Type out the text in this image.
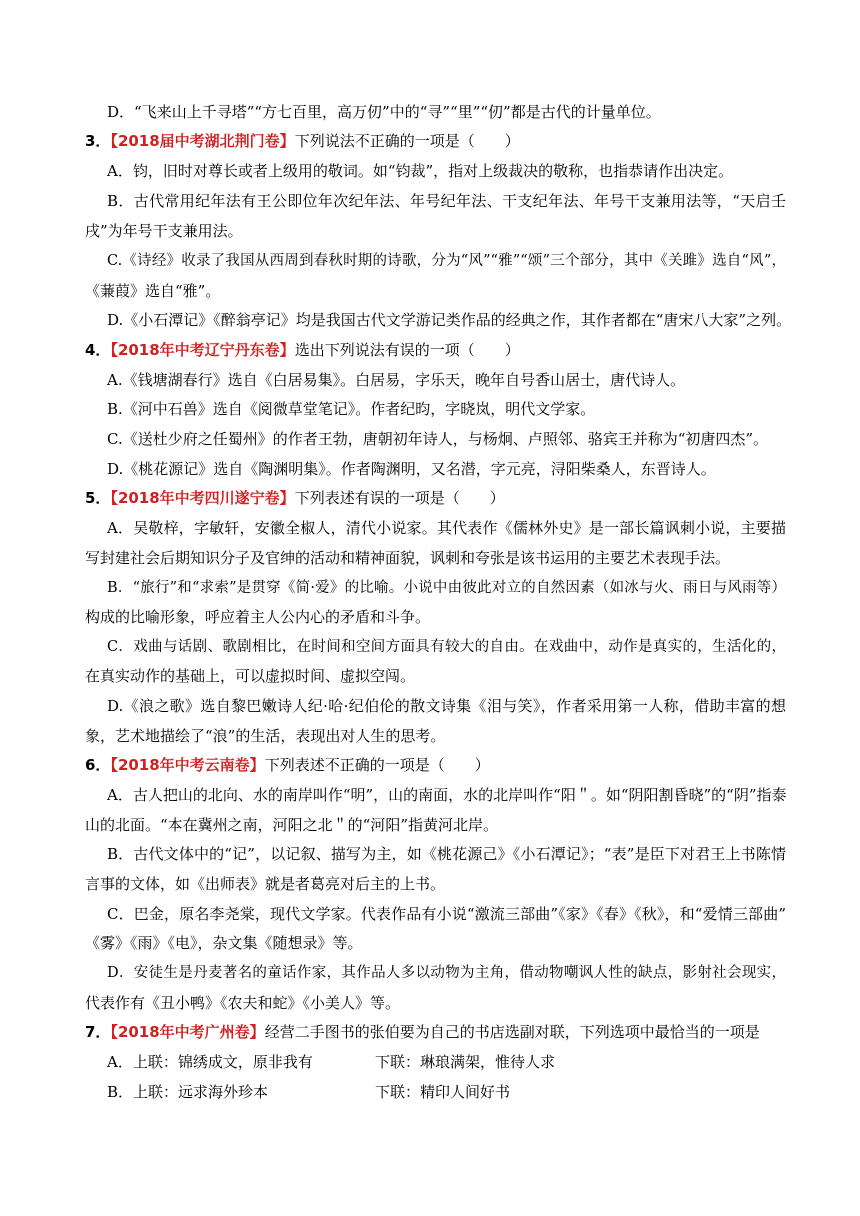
D．“飞来山上千寻塔”“方七百里，高万仞”中的“寻”“里”“仞”都是古代的计量单位。
3．【2018届中考湖北荆门卷】下列说法不正确的一项是（　　）
A．钧，旧时对尊长或者上级用的敬词。如“钧裁”，指对上级裁决的敬称，也指恭请作出决定。
B．古代常用纪年法有王公即位年次纪年法、年号纪年法、干支纪年法、年号干支兼用法等，“天启壬
戌”为年号干支兼用法。
C.《诗经》收录了我国从西周到春秋时期的诗歌，分为“风”“雅”“颂”三个部分，其中《关雎》选自“风”，
《蒹葭》选自“雅”。
D.《小石潭记》《醉翁亭记》均是我国古代文学游记类作品的经典之作，其作者都在“唐宋八大家”之列。
4．【2018年中考辽宁丹东卷】选出下列说法有误的一项（　　）
A.《钱塘湖春行》选自《白居易集》。白居易，字乐天，晚年自号香山居士，唐代诗人。
B.《河中石兽》选自《阅微草堂笔记》。作者纪昀，字晓岚，明代文学家。
C.《送杜少府之任蜀州》的作者王勃，唐朝初年诗人，与杨炯、卢照邻、骆宾王并称为“初唐四杰”。
D.《桃花源记》选自《陶渊明集》。作者陶渊明，又名潜，字元亮，浔阳柴桑人，东晋诗人。
5．【2018年中考四川遂宁卷】下列表述有误的一项是（　　）
A．吴敬梓，字敏轩，安徽全椒人，清代小说家。其代表作《儒林外史》是一部长篇讽刺小说，主要描
写封建社会后期知识分子及官绅的活动和精神面貌，讽刺和夸张是该书运用的主要艺术表现手法。
B．“旅行”和“求索”是贯穿《简·爱》的比喻。小说中由彼此对立的自然因素（如冰与火、雨日与风雨等）
构成的比喻形象，呼应着主人公内心的矛盾和斗争。
C．戏曲与话剧、歌剧相比，在时间和空间方面具有较大的自由。在戏曲中，动作是真实的，生活化的，
在真实动作的基础上，可以虚拟时间、虚拟空闯。
D.《浪之歌》选自黎巴嫩诗人纪·哈·纪伯伦的散文诗集《泪与笑》，作者采用第一人称，借助丰富的想
象，艺术地描绘了“浪”的生活，表现出对人生的思考。
6．【2018年中考云南卷】下列表述不正确的一项是（　　）
A．古人把山的北向、水的南岸叫作“明”，山的南面，水的北岸叫作“阳＂。如“阴阳割昏晓”的“阴”指泰
山的北面。“本在冀州之南，河阳之北＂的“河阳”指黄河北岸。
B．古代文体中的“记”，以记叙、描写为主，如《桃花源己》《小石潭记》；“表”是臣下对君王上书陈情
言事的文体，如《出师表》就是者葛亮对后主的上书。
C．巴金，原名李尧棠，现代文学家。代表作品有小说“激流三部曲”《家》《春》《秋》，和“爱情三部曲”
《雾》《雨》《电》，杂文集《随想录》等。
D．安徒生是丹麦著名的童话作家，其作品人多以动物为主角，借动物嘲讽人性的缺点，影射社会现实，
代表作有《丑小鸭》《农夫和蛇》《小美人》等。
7．【2018年中考广州卷】经营二手图书的张伯要为自己的书店选副对联，下列选项中最恰当的一项是
A．上联：锦绣成文，原非我有	下联：琳琅满架，惟待人求
B．上联：远求海外珍本	下联：精印人间好书
